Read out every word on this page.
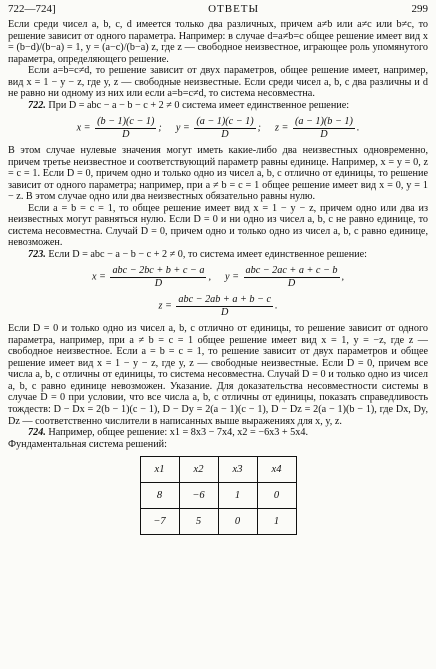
722—724]	ОТВЕТЫ	299

Если среди чисел a, b, c, d имеется только два различных, причем a≠b или a≠c или b≠c, то решение зависит от одного параметра. Например: в случае d=a≠b=c общее решение имеет вид x = (b−d)/(b−a) = 1, y = (a−c)/(b−a) z, где z — свободное неизвестное, играющее роль упомянутого параметра, определяющего решение.

Если a=b=c≠d, то решение зависит от двух параметров, общее решение имеет, например, вид x = 1 − y − z, где y, z — свободные неизвестные. Если среди чисел a, b, c два различны и d не равно ни одному из них или если a=b=c≠d, то система несовместна.

722. При D = abc − a − b − c + 2 ≠ 0 система имеет единственное решение:

$x = \frac{(b - 1)(c - 1)}{D}$ ; $y = \frac{(a - 1)(c - 1)}{D}$ ; $z = \frac{(a - 1)(b - 1)}{D}$ .

В этом случае нулевые значения могут иметь какие-либо два неизвестных одновременно, причем третье неизвестное и соответствующий параметр равны единице. Например, x = y = 0, z = c = 1. Если D = 0, причем одно и только одно из чисел a, b, c отлично от единицы, то решение зависит от одного параметра; например, при a ≠ b = c = 1 общее решение имеет вид x = 0, y = 1 − z. В этом случае одно или два неизвестных обязательно равны нулю.

Если a = b = c = 1, то общее решение имеет вид x = 1 − y − z, причем одно или два из неизвестных могут равняться нулю. Если D = 0 и ни одно из чисел a, b, c не равно единице, то система несовместна. Случай D = 0, причем одно и только одно из чисел a, b, c равно единице, невозможен.

723. Если D = abc − a − b − c + 2 ≠ 0, то система имеет единственное решение:

x =
abc − 2bc + b + c − a
D
, y =
abc − 2ac + a + c − b
D
,
z =
abc − 2ab + a + b − c
D
.

Если D = 0 и только одно из чисел a, b, c отлично от единицы, то решение зависит от одного параметра, например, при a ≠ b = c = 1 общее решение имеет вид x = 1, y = −z, где z — свободное неизвестное. Если a = b = c = 1, то решение зависит от двух параметров и общее решение имеет вид x = 1 − y − z, где y, z — свободные неизвестные. Если D = 0, причем все числа a, b, c отличны от единицы, то система несовместна. Случай D = 0 и только одно из чисел a, b, c равно единице невозможен. Указание. Для доказательства несовместности системы в случае D = 0 при условии, что все числа a, b, c отличны от единицы, показать справедливость тождеств: D − Dx = 2(b − 1)(c − 1), D − Dy = 2(a − 1)(c − 1), D − Dz = 2(a − 1)(b − 1), где Dx, Dy, Dz — соответственно числители в написанных выше выражениях для x, y, z.

724. Например, общее решение: x1 = 8x3 − 7x4, x2 = −6x3 + 5x4.

Фундаментальная система решений:

x1	x2	x3	x4
8	−6	1	0
−7	5	0	1
